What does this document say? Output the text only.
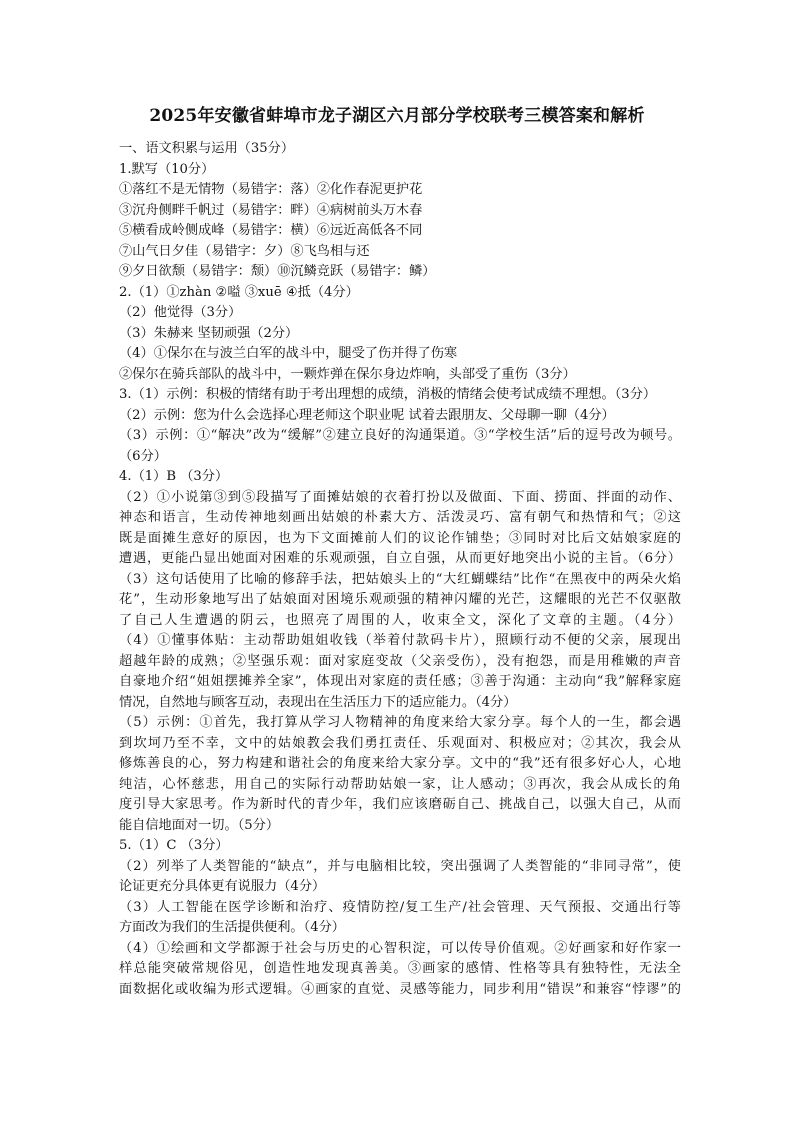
2025年安徽省蚌埠市龙子湖区六月部分学校联考三模答案和解析
一、语文积累与运用（35分）
1.默写（10分）
①落红不是无情物（易错字：落）②化作春泥更护花
③沉舟侧畔千帆过（易错字：畔）④病树前头万木春
⑤横看成岭侧成峰（易错字：横）⑥远近高低各不同
⑦山气日夕佳（易错字：夕）⑧飞鸟相与还
⑨夕日欲颓（易错字：颓）⑩沉鳞竞跃（易错字：鳞）
2.（1）①zhàn ②嗌 ③xuē ④抵（4分）
（2）他觉得（3分）
（3）朱赫来 坚韧顽强（2分）
（4）①保尔在与波兰白军的战斗中，腿受了伤并得了伤寒
②保尔在骑兵部队的战斗中，一颗炸弹在保尔身边炸响，头部受了重伤（3分）
3.（1）示例：积极的情绪有助于考出理想的成绩，消极的情绪会使考试成绩不理想。（3分）
（2）示例：您为什么会选择心理老师这个职业呢 试着去跟朋友、父母聊一聊（4分）
（3）示例：①“解决”改为“缓解”②建立良好的沟通渠道。③“学校生活”后的逗号改为顿号。
（6分）
4.（1）B （3分）
（2）①小说第③到⑤段描写了面摊姑娘的衣着打扮以及做面、下面、捞面、拌面的动作、
神态和语言，生动传神地刻画出姑娘的朴素大方、活泼灵巧、富有朝气和热情和气；②这
既是面摊生意好的原因，也为下文面摊前人们的议论作铺垫；③同时对比后文姑娘家庭的
遭遇，更能凸显出她面对困难的乐观顽强，自立自强，从而更好地突出小说的主旨。（6分）
（3）这句话使用了比喻的修辞手法，把姑娘头上的“大红蝴蝶结”比作“在黑夜中的两朵火焰
花”，生动形象地写出了姑娘面对困境乐观顽强的精神闪耀的光芒，这耀眼的光芒不仅驱散
了自己人生遭遇的阴云，也照亮了周围的人，收束全文，深化了文章的主题。（4分）
（4）①懂事体贴：主动帮助姐姐收钱（举着付款码卡片），照顾行动不便的父亲，展现出
超越年龄的成熟；②坚强乐观：面对家庭变故（父亲受伤），没有抱怨，而是用稚嫩的声音
自豪地介绍“姐姐摆摊养全家”，体现出对家庭的责任感；③善于沟通：主动向“我”解释家庭
情况，自然地与顾客互动，表现出在生活压力下的适应能力。（4分）
（5）示例：①首先，我打算从学习人物精神的角度来给大家分享。每个人的一生，都会遇
到坎坷乃至不幸，文中的姑娘教会我们勇扛责任、乐观面对、积极应对；②其次，我会从
修炼善良的心，努力构建和谐社会的角度来给大家分享。文中的“我”还有很多好心人，心地
纯洁，心怀慈悲，用自己的实际行动帮助姑娘一家，让人感动；③再次，我会从成长的角
度引导大家思考。作为新时代的青少年，我们应该磨砺自己、挑战自己，以强大自己，从而
能自信地面对一切。（5分）
5.（1）C （3分）
（2）列举了人类智能的“缺点”，并与电脑相比较，突出强调了人类智能的“非同寻常”，使
论证更充分具体更有说服力（4分）
（3）人工智能在医学诊断和治疗、疫情防控/复工生产/社会管理、天气预报、交通出行等
方面改为我们的生活提供便利。（4分）
（4）①绘画和文学都源于社会与历史的心智积淀，可以传导价值观。②好画家和好作家一
样总能突破常规俗见，创造性地发现真善美。③画家的感情、性格等具有独特性，无法全
面数据化或收编为形式逻辑。④画家的直觉、灵感等能力，同步利用“错误”和兼容“悖谬”的
